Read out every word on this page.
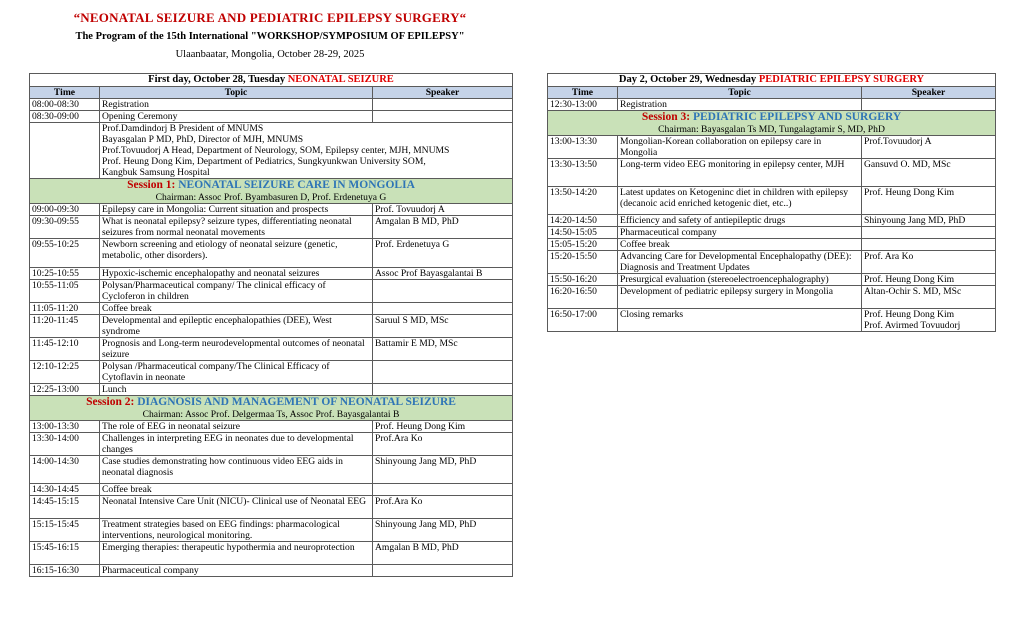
“NEONATAL SEIZURE AND PEDIATRIC EPILEPSY SURGERY“
The Program of the 15th International "WORKSHOP/SYMPOSIUM OF EPILEPSY"
Ulaanbaatar, Mongolia, October 28-29, 2025
First day, October 28, Tuesday NEONATAL SEIZURE		
Time	Topic	Speaker
08:00-08:30	Registration	
08:30-09:00	Opening Ceremony	

	Prof.Damdindorj B President of MNUMS
Bayasgalan P MD, PhD, Director of MJH, MNUMS
Prof.Tovuudorj A Head, Department of Neurology, SOM, Epilepsy center, MJH, MNUMS
Prof. Heung Dong Kim, Department of Pediatrics, Sungkyunkwan University SOM,
Kangbuk Samsung Hospital	

Session 1: NEONATAL SEIZURE CARE IN MONGOLIA
Chairman: Assoc Prof. Byambasuren D, Prof. Erdenetuya G		

09:00-09:30	Epilepsy care in Mongolia: Current situation and prospects	Prof. Tovuudorj A
09:30-09:55	What is neonatal epilepsy? seizure types, differentiating neonatal seizures from normal neonatal movements	Amgalan B MD, PhD
09:55-10:25	Newborn screening and etiology of neonatal seizure (genetic, metabolic, other disorders).	Prof. Erdenetuya G
10:25-10:55	Hypoxic-ischemic encephalopathy and neonatal seizures	Assoc Prof Bayasgalantai B
10:55-11:05	Polysan/Pharmaceutical company/ The clinical efficacy of Cycloferon in children	
11:05-11:20	Coffee break	
11:20-11:45	Developmental and epileptic encephalopathies (DEE), West syndrome	Saruul S MD, MSc
11:45-12:10	Prognosis and Long-term neurodevelopmental outcomes of neonatal seizure	Battamir E MD, MSc
12:10-12:25	Polysan /Pharmaceutical company/The Clinical Efficacy of Cytoflavin in neonate	
12:25-13:00	Lunch	

Session 2: DIAGNOSIS AND MANAGEMENT OF NEONATAL SEIZURE
Chairman: Assoc Prof. Delgermaa Ts, Assoc Prof. Bayasgalantai B		

13:00-13:30	The role of EEG in neonatal seizure	Prof. Heung Dong Kim
13:30-14:00	Challenges in interpreting EEG in neonates due to developmental changes	Prof.Ara Ko
14:00-14:30	Case studies demonstrating how continuous video EEG aids in neonatal diagnosis	Shinyoung Jang MD, PhD
14:30-14:45	Coffee break	
14:45-15:15	Neonatal Intensive Care Unit (NICU)- Clinical use of Neonatal EEG	Prof.Ara Ko
15:15-15:45	Treatment strategies based on EEG findings: pharmacological interventions, neurological monitoring.	Shinyoung Jang MD, PhD
15:45-16:15	Emerging therapies: therapeutic hypothermia and neuroprotection	Amgalan B MD, PhD
16:15-16:30	Pharmaceutical company	
Day 2, October 29, Wednesday PEDIATRIC EPILEPSY SURGERY		
Time	Topic	Speaker
12:30-13:00	Registration	

Session 3: PEDIATRIC EPILEPSY AND SURGERY
Chairman: Bayasgalan Ts MD, Tungalagtamir S, MD, PhD		

13:00-13:30	Mongolian-Korean collaboration on epilepsy care in Mongolia	Prof.Tovuudorj A
13:30-13:50	Long-term video EEG monitoring in epilepsy center, MJH	Gansuvd O. MD, MSc
13:50-14:20	Latest updates on Ketogeninc diet in children with epilepsy (decanoic acid enriched ketogenic diet, etc..)	Prof. Heung Dong Kim
14:20-14:50	Efficiency and safety of antiepileptic drugs	Shinyoung Jang MD, PhD
14:50-15:05	Pharmaceutical company	
15:05-15:20	Coffee break	
15:20-15:50	Advancing Care for Developmental Encephalopathy (DEE): Diagnosis and Treatment Updates	Prof. Ara Ko
15:50-16:20	Presurgical evaluation (stereoelectroencephalography)	Prof. Heung Dong Kim
16:20-16:50	Development of pediatric epilepsy surgery in Mongolia	Altan-Ochir S. MD, MSc
16:50-17:00	Closing remarks	Prof. Heung Dong Kim
Prof. Avirmed Tovuudorj
